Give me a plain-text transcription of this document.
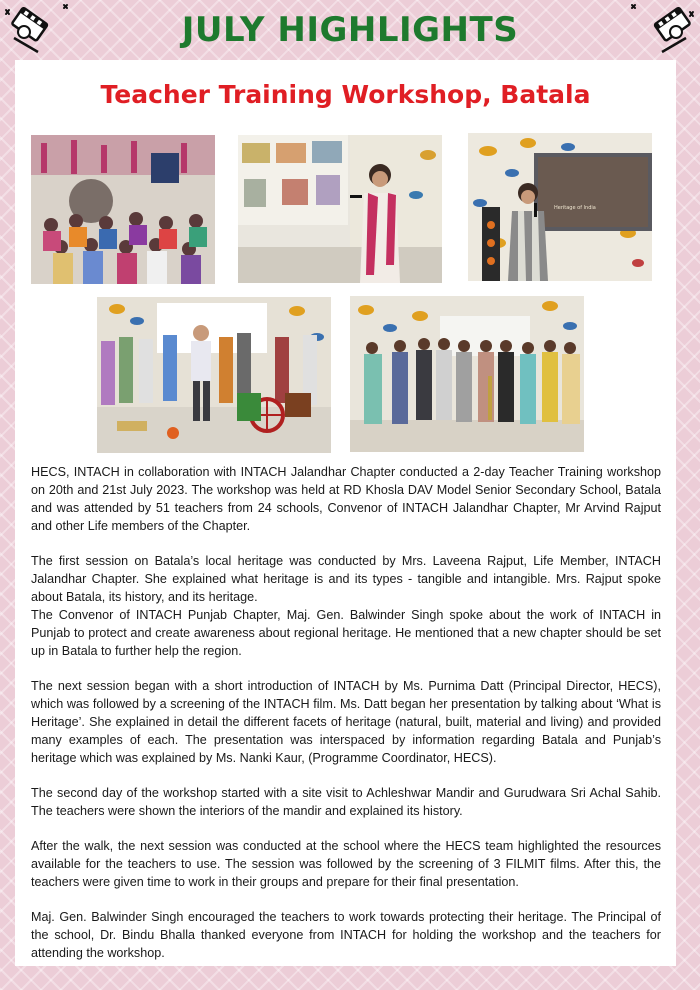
JULY HIGHLIGHTS
Teacher Training Workshop, Batala
Heritage of India

HECS, INTACH in collaboration with INTACH Jalandhar Chapter conducted a 2-day Teacher Training workshop on 20th and 21st July 2023. The workshop was held at RD Khosla DAV Model Senior Secondary School, Batala and was attended by 51 teachers from 24 schools, Convenor of INTACH Jalandhar Chapter, Mr Arvind Rajput and other Life members of the Chapter.

The first session on Batala’s local heritage was conducted by Mrs. Laveena Rajput, Life Member, INTACH Jalandhar Chapter. She explained what heritage is and its types - tangible and intangible. Mrs. Rajput spoke about Batala, its history, and its heritage.

The Convenor of INTACH Punjab Chapter, Maj. Gen. Balwinder Singh spoke about the work of INTACH in Punjab to protect and create awareness about regional heritage. He mentioned that a new chapter should be set up in Batala to further help the region.

The next session began with a short introduction of INTACH by Ms. Purnima Datt (Principal Director, HECS), which was followed by a screening of the INTACH film. Ms. Datt began her presentation by talking about ‘What is Heritage’. She explained in detail the different facets of heritage (natural, built, material and living) and provided many examples of each. The presentation was interspaced by information regarding Batala and Punjab’s heritage which was explained by Ms. Nanki Kaur, (Programme Coordinator, HECS).

The second day of the workshop started with a site visit to Achleshwar Mandir and Gurudwara Sri Achal Sahib. The teachers were shown the interiors of the mandir and explained its history.

After the walk, the next session was conducted at the school where the HECS team highlighted the resources available for the teachers to use. The session was followed by the screening of 3 FILMIT films. After this, the teachers were given time to work in their groups and prepare for their final presentation.

Maj. Gen. Balwinder Singh encouraged the teachers to work towards protecting their heritage. The Principal of the school, Dr. Bindu Bhalla thanked everyone from INTACH for holding the workshop and the teachers for attending the workshop.
